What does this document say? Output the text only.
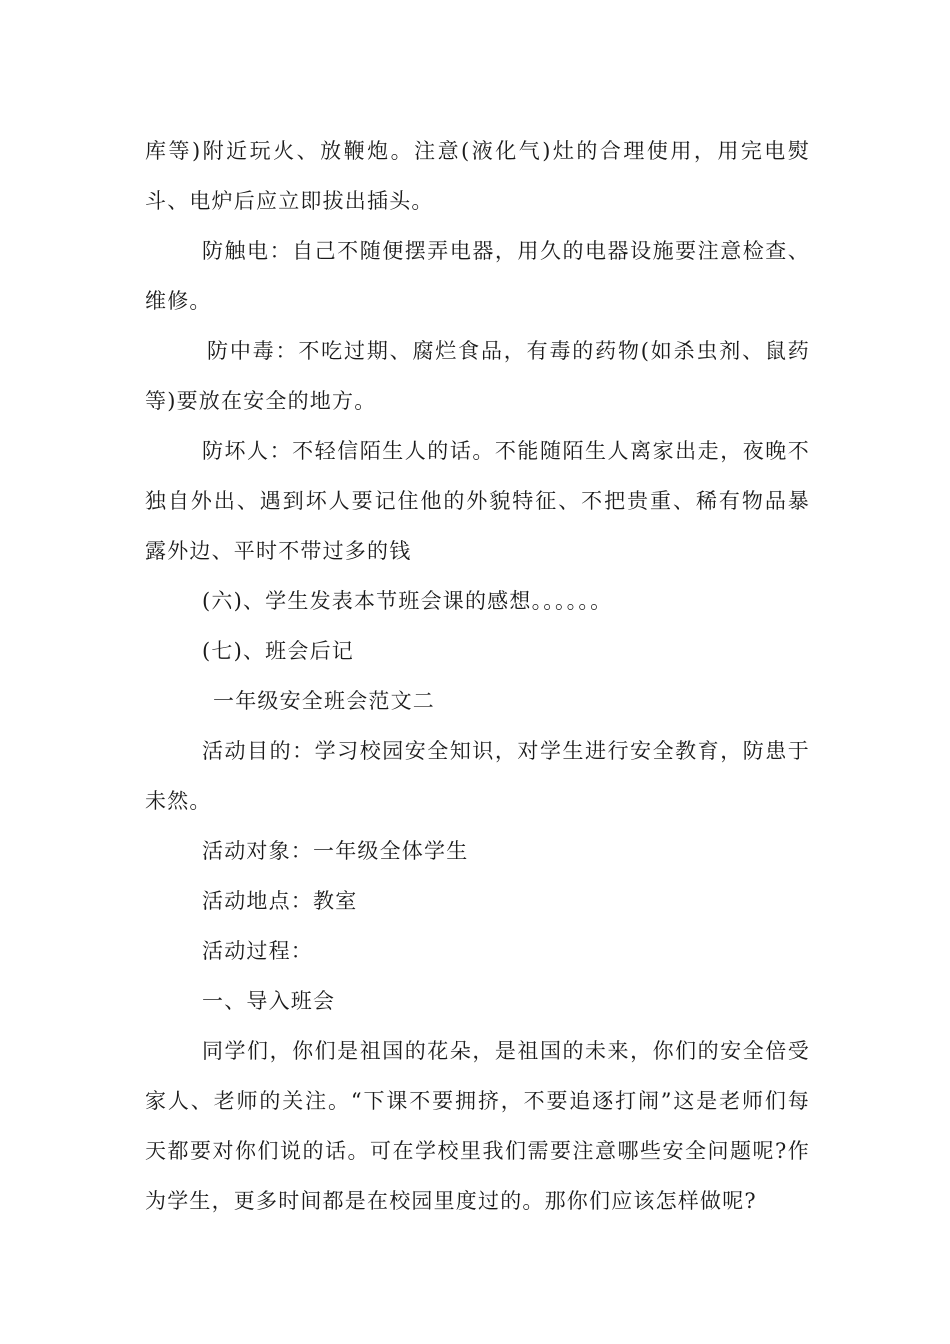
库等)附近玩火、放鞭炮。注意(液化气)灶的合理使用，用完电熨斗、电炉后应立即拔出插头。

防触电：自己不随便摆弄电器，用久的电器设施要注意检查、维修。

防中毒：不吃过期、腐烂食品，有毒的药物(如杀虫剂、鼠药等)要放在安全的地方。

防坏人：不轻信陌生人的话。不能随陌生人离家出走，夜晚不独自外出、遇到坏人要记住他的外貌特征、不把贵重、稀有物品暴露外边、平时不带过多的钱

(六)、学生发表本节班会课的感想。。。。。。

(七)、班会后记

一年级安全班会范文二

活动目的：学习校园安全知识，对学生进行安全教育，防患于未然。

活动对象：一年级全体学生

活动地点：教室

活动过程：

一、导入班会

同学们，你们是祖国的花朵，是祖国的未来，你们的安全倍受家人、老师的关注。“下课不要拥挤，不要追逐打闹”这是老师们每天都要对你们说的话。可在学校里我们需要注意哪些安全问题呢?作为学生，更多时间都是在校园里度过的。那你们应该怎样做呢?
